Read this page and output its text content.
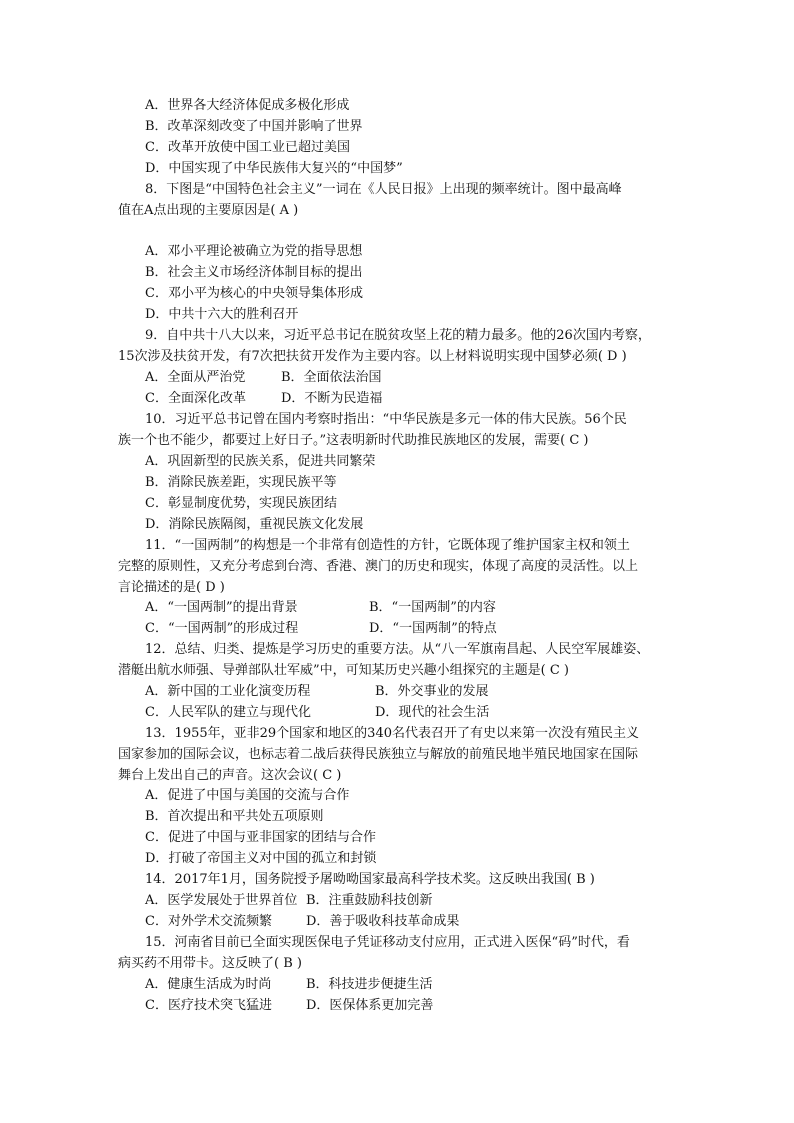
A．世界各大经济体促成多极化形成
B．改革深刻改变了中国并影响了世界
C．改革开放使中国工业已超过美国
D．中国实现了中华民族伟大复兴的“中国梦”
8．下图是“中国特色社会主义”一词在《人民日报》上出现的频率统计。图中最高峰
值在A点出现的主要原因是( A )
A．邓小平理论被确立为党的指导思想
B．社会主义市场经济体制目标的提出
C．邓小平为核心的中央领导集体形成
D．中共十六大的胜利召开
9．自中共十八大以来，习近平总书记在脱贫攻坚上花的精力最多。他的26次国内考察，
15次涉及扶贫开发，有7次把扶贫开发作为主要内容。以上材料说明实现中国梦必须( D )
A．全面从严治党	B．全面依法治国
C．全面深化改革	D．不断为民造福
10．习近平总书记曾在国内考察时指出：“中华民族是多元一体的伟大民族。56个民
族一个也不能少，都要过上好日子。”这表明新时代助推民族地区的发展，需要( C )
A．巩固新型的民族关系，促进共同繁荣
B．消除民族差距，实现民族平等
C．彰显制度优势，实现民族团结
D．消除民族隔阂，重视民族文化发展
11．“一国两制”的构想是一个非常有创造性的方针，它既体现了维护国家主权和领土
完整的原则性，又充分考虑到台湾、香港、澳门的历史和现实，体现了高度的灵活性。以上
言论描述的是( D )
A．“一国两制”的提出背景	B．“一国两制”的内容
C．“一国两制”的形成过程	D．“一国两制”的特点
12．总结、归类、提炼是学习历史的重要方法。从“八一军旗南昌起、人民空军展雄姿、
潜艇出航水师强、导弹部队壮军威”中，可知某历史兴趣小组探究的主题是( C )
A．新中国的工业化演变历程	B．外交事业的发展
C．人民军队的建立与现代化	D．现代的社会生活
13．1955年，亚非29个国家和地区的340名代表召开了有史以来第一次没有殖民主义
国家参加的国际会议，也标志着二战后获得民族独立与解放的前殖民地半殖民地国家在国际
舞台上发出自己的声音。这次会议( C )
A．促进了中国与美国的交流与合作
B．首次提出和平共处五项原则
C．促进了中国与亚非国家的团结与合作
D．打破了帝国主义对中国的孤立和封锁
14．2017年1月，国务院授予屠呦呦国家最高科学技术奖。这反映出我国( B )
A．医学发展处于世界首位 B．注重鼓励科技创新
C．对外学术交流频繁	D．善于吸收科技革命成果
15．河南省目前已全面实现医保电子凭证移动支付应用，正式进入医保“码”时代，看
病买药不用带卡。这反映了( B )
A．健康生活成为时尚	B．科技进步便捷生活
C．医疗技术突飞猛进	D．医保体系更加完善
